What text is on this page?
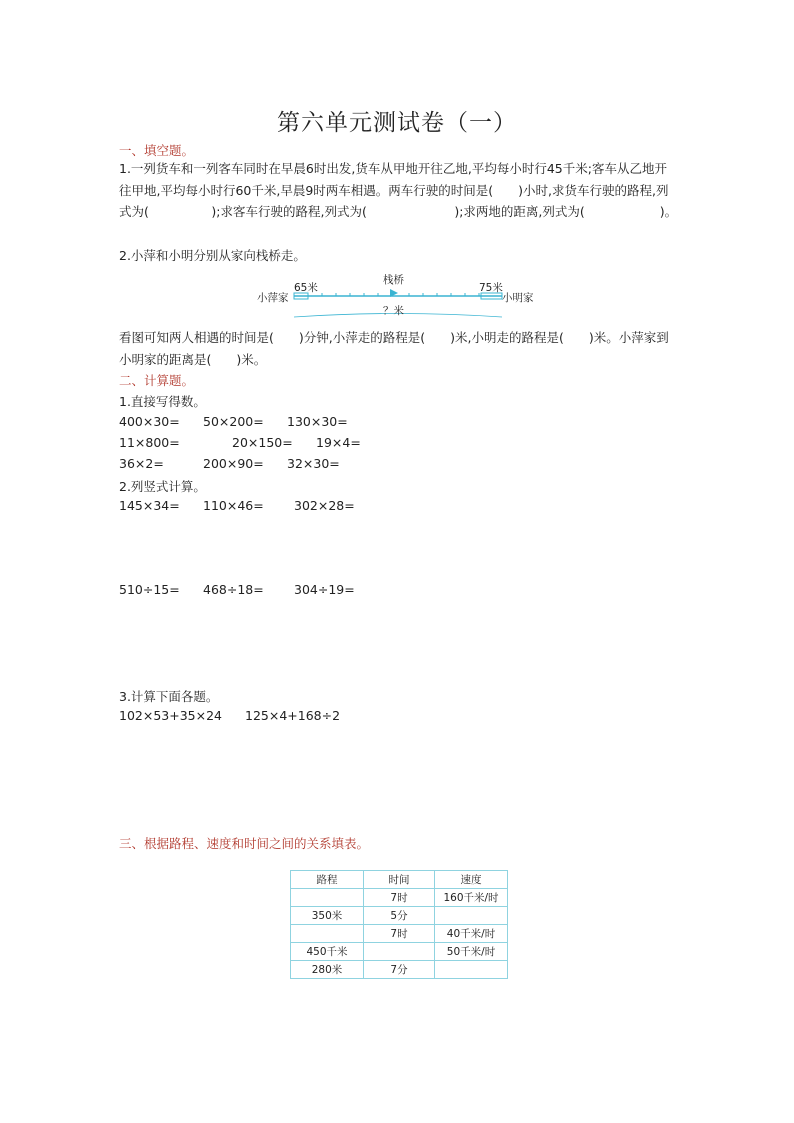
第六单元测试卷（一）
一、填空题。
1.一列货车和一列客车同时在早晨6时出发,货车从甲地开往乙地,平均每小时行45千米;客车从乙地开往甲地,平均每小时行60千米,早晨9时两车相遇。两车行驶的时间是(　　)小时,求货车行驶的路程,列式为(　　　　　);求客车行驶的路程,列式为(　　　　　　　);求两地的距离,列式为(　　　　　　)。
2.小萍和小明分别从家向栈桥走。
小萍家	小明家
栈桥
65米	75米
？米
看图可知两人相遇的时间是(　　)分钟,小萍走的路程是(　　)米,小明走的路程是(　　)米。小萍家到小明家的距离是(　　)米。
二、计算题。
1.直接写得数。
400×30= 50×200= 130×30=
11×800=	20×150= 19×4=
36×2=	200×90= 32×30=
2.列竖式计算。
145×34= 110×46= 302×28=
510÷15= 468÷18= 304÷19=
3.计算下面各题。
102×53+35×24 125×4+168÷2
三、根据路程、速度和时间之间的关系填表。
路程	时间	速度
	7时	160千米/时
350米	5分	
	7时	40千米/时
450千米		50千米/时
280米	7分	
